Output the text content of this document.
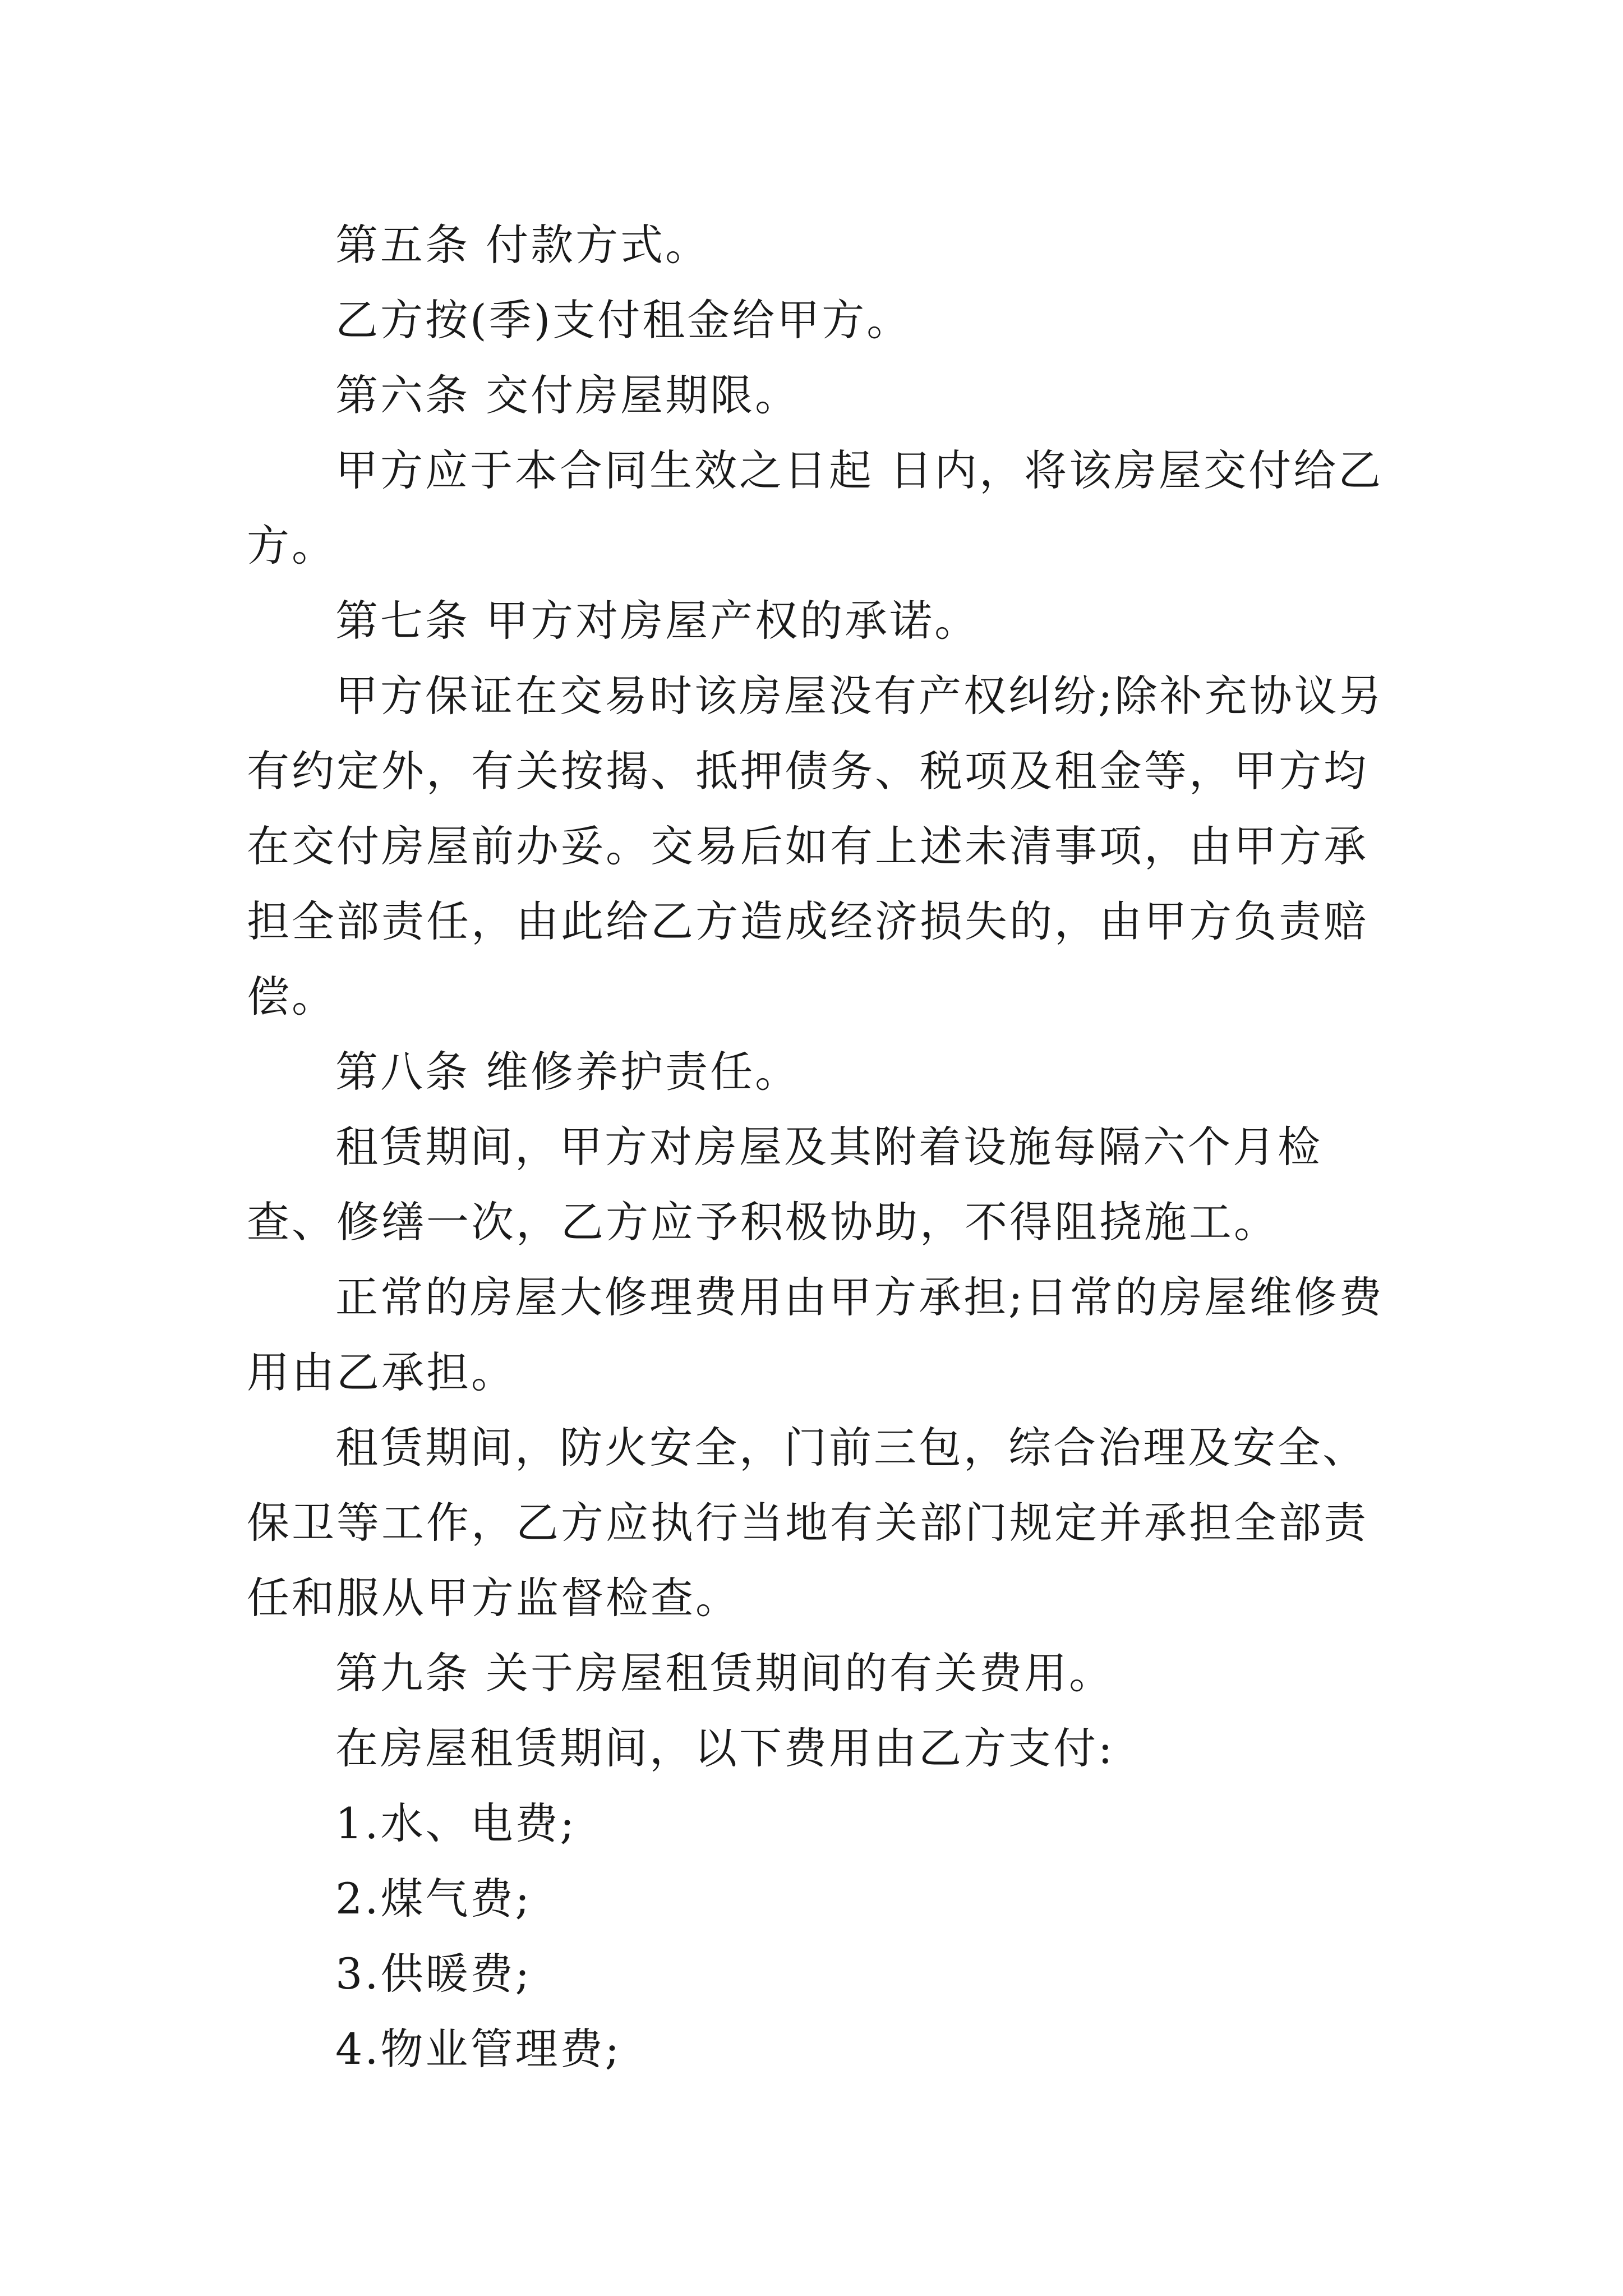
第五条 付款方式。

乙方按(季)支付租金给甲方。

第六条 交付房屋期限。

甲方应于本合同生效之日起 日内，将该房屋交付给乙方。

第七条 甲方对房屋产权的承诺。

甲方保证在交易时该房屋没有产权纠纷;除补充协议另有约定外，有关按揭、抵押债务、税项及租金等，甲方均在交付房屋前办妥。交易后如有上述未清事项，由甲方承担全部责任，由此给乙方造成经济损失的，由甲方负责赔偿。

第八条 维修养护责任。

租赁期间，甲方对房屋及其附着设施每隔六个月检查、修缮一次，乙方应予积极协助，不得阻挠施工。

正常的房屋大修理费用由甲方承担;日常的房屋维修费用由乙承担。

租赁期间，防火安全，门前三包，综合治理及安全、保卫等工作，乙方应执行当地有关部门规定并承担全部责任和服从甲方监督检查。

第九条 关于房屋租赁期间的有关费用。

在房屋租赁期间，以下费用由乙方支付:

1.水、电费;

2.煤气费;

3.供暖费;

4.物业管理费;
